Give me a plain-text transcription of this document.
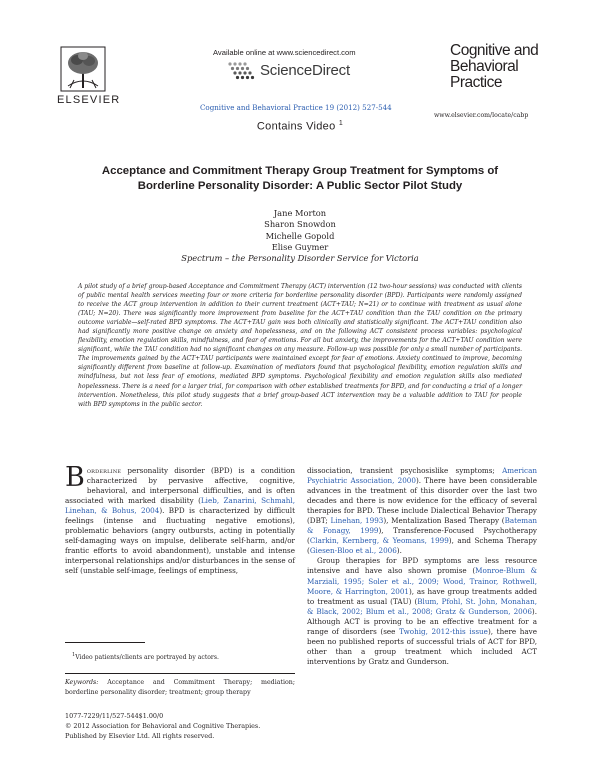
Available online at www.sciencedirect.com
ScienceDirect
ELSEVIER
Cognitive and Behavioral Practice 19 (2012) 527-544
Cognitive and
Behavioral
Practice
www.elsevier.com/locate/cabp
Contains Video $^1$
Acceptance and Commitment Therapy Group Treatment for Symptoms of
Borderline Personality Disorder: A Public Sector Pilot Study
Jane Morton
Sharon Snowdon
Michelle Gopold
Elise Guymer
Spectrum – the Personality Disorder Service for Victoria

A pilot study of a brief group-based Acceptance and Commitment Therapy (ACT) intervention (12 two-hour sessions) was conducted with clients of public mental health services meeting four or more criteria for borderline personality disorder (BPD). Participants were randomly assigned to receive the ACT group intervention in addition to their current treatment (ACT+TAU; N=21) or to continue with treatment as usual alone (TAU; N=20). There was significantly more improvement from baseline for the ACT+TAU condition than the TAU condition on the primary outcome variable—self-rated BPD symptoms. The ACT+TAU gain was both clinically and statistically significant. The ACT+TAU condition also had significantly more positive change on anxiety and hopelessness, and on the following ACT consistent process variables: psychological flexibility, emotion regulation skills, mindfulness, and fear of emotions. For all but anxiety, the improvements for the ACT+TAU condition were significant, while the TAU condition had no significant changes on any measure. Follow-up was possible for only a small number of participants. The improvements gained by the ACT+TAU participants were maintained except for fear of emotions. Anxiety continued to improve, becoming significantly different from baseline at follow-up. Examination of mediators found that psychological flexibility, emotion regulation skills and mindfulness, but not less fear of emotions, mediated BPD symptoms. Psychological flexibility and emotion regulation skills also mediated hopelessness. There is a need for a larger trial, for comparison with other established treatments for BPD, and for conducting a trial of a longer intervention. Nonetheless, this pilot study suggests that a brief group-based ACT intervention may be a valuable addition to TAU for people with BPD symptoms in the public sector.

Borderline personality disorder (BPD) is a condition characterized by pervasive affective, cognitive, behavioral, and interpersonal difficulties, and is often associated with marked disability (Lieb, Zanarini, Schmahl, Linehan, & Bohus, 2004). BPD is characterized by difficult feelings (intense and fluctuating negative emotions), problematic behaviors (angry outbursts, acting in potentially self-damaging ways on impulse, deliberate self-harm, and/or frantic efforts to avoid abandonment), unstable and intense interpersonal relationships and/or disturbances in the sense of self (unstable self-image, feelings of emptiness,

dissociation, transient psychosislike symptoms; American Psychiatric Association, 2000). There have been considerable advances in the treatment of this disorder over the last two decades and there is now evidence for the efficacy of several therapies for BPD. These include Dialectical Behavior Therapy (DBT; Linehan, 1993), Mentalization Based Therapy (Bateman & Fonagy, 1999), Transference-Focused Psychotherapy (Clarkin, Kernberg, & Yeomans, 1999), and Schema Therapy (Giesen-Bloo et al., 2006).

Group therapies for BPD symptoms are less resource intensive and have also shown promise (Monroe-Blum & Marziali, 1995; Soler et al., 2009; Wood, Trainor, Rothwell, Moore, & Harrington, 2001), as have group treatments added to treatment as usual (TAU) (Blum, Pfohl, St. John, Monahan, & Black, 2002; Blum et al., 2008; Gratz & Gunderson, 2006). Although ACT is proving to be an effective treatment for a range of disorders (see Twohig, 2012-this issue), there have been no published reports of successful trials of ACT for BPD, other than a group treatment which included ACT interventions by Gratz and Gunderson.

$^1$Video patients/clients are portrayed by actors.
Keywords: Acceptance and Commitment Therapy; mediation; borderline personality disorder; treatment; group therapy
1077-7229/11/527-544$1.00/0
© 2012 Association for Behavioral and Cognitive Therapies.
Published by Elsevier Ltd. All rights reserved.
